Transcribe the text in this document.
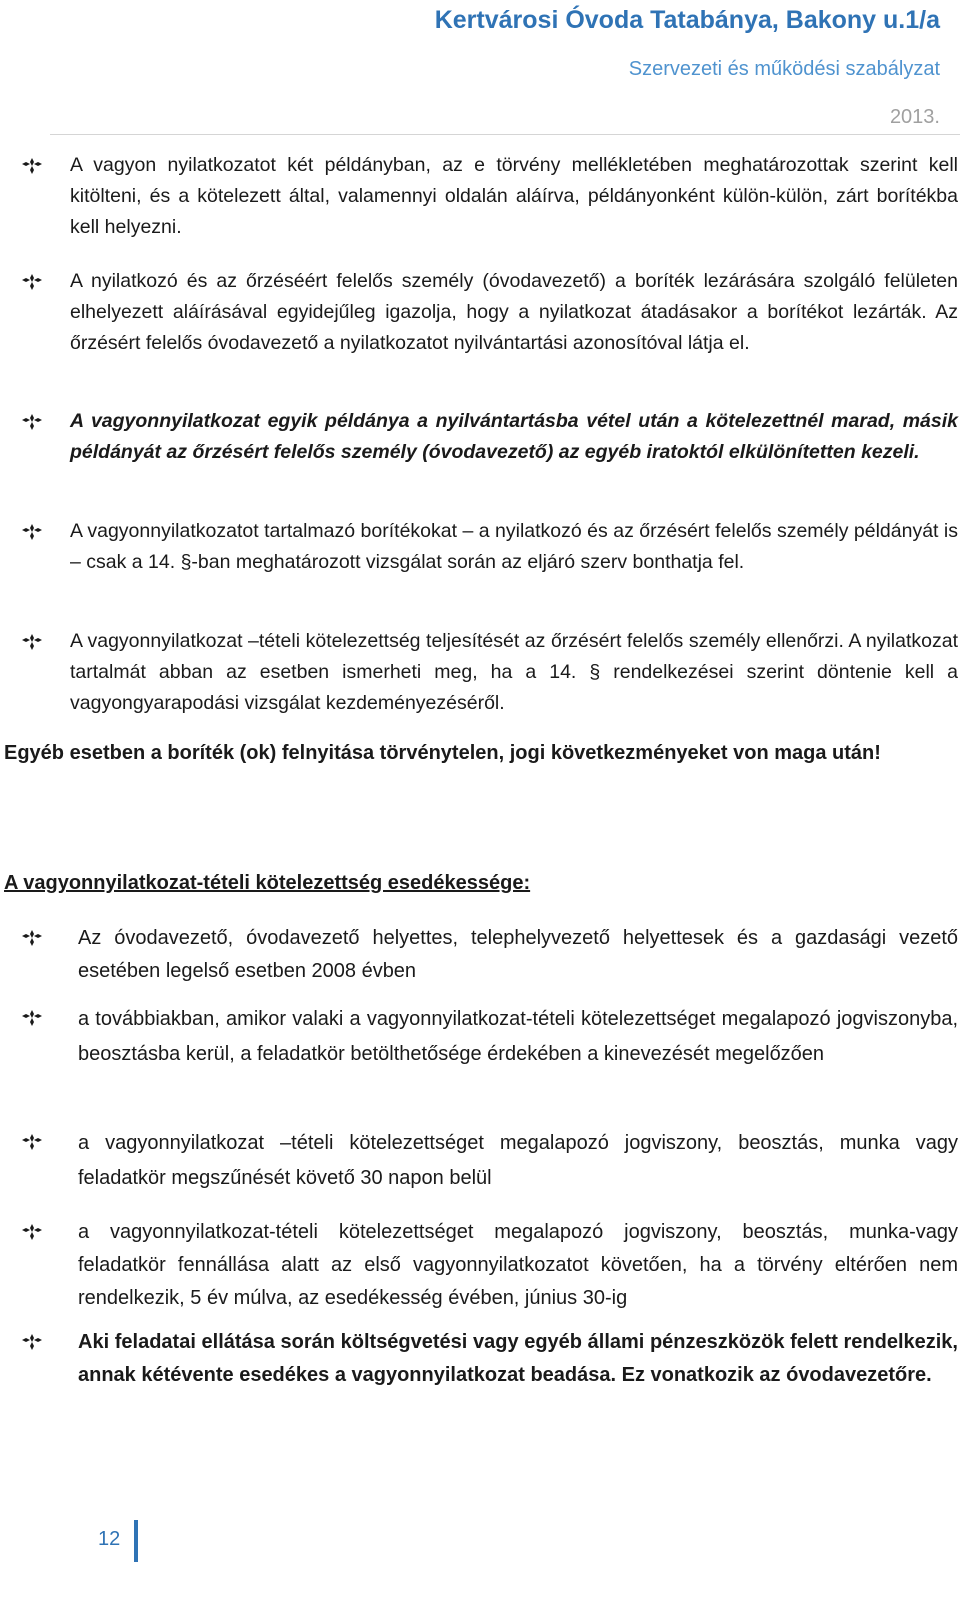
Kertvárosi Óvoda Tatabánya, Bakony u.1/a
Szervezeti és működési szabályzat
2013.
A vagyon nyilatkozatot két példányban, az e törvény mellékletében meghatározottak szerint kell kitölteni, és a kötelezett által, valamennyi oldalán aláírva, példányonként külön-külön, zárt borítékba kell helyezni.
A nyilatkozó és az őrzéséért felelős személy (óvodavezető) a boríték lezárására szolgáló felületen elhelyezett aláírásával egyidejűleg igazolja, hogy a nyilatkozat átadásakor a borítékot lezárták. Az őrzésért felelős óvodavezető a nyilatkozatot nyilvántartási azonosítóval látja el.
A vagyonnyilatkozat egyik példánya a nyilvántartásba vétel után a kötelezettnél marad, másik példányát az őrzésért felelős személy (óvodavezető) az egyéb iratoktól elkülönítetten kezeli.
A vagyonnyilatkozatot tartalmazó borítékokat – a nyilatkozó és az őrzésért felelős személy példányát is – csak a 14. §-ban meghatározott vizsgálat során az eljáró szerv bonthatja fel.
A vagyonnyilatkozat –tételi kötelezettség teljesítését az őrzésért felelős személy ellenőrzi. A nyilatkozat tartalmát abban az esetben ismerheti meg, ha a 14. § rendelkezései szerint döntenie kell a vagyongyarapodási vizsgálat kezdeményezéséről.
Egyéb esetben a boríték (ok) felnyitása törvénytelen, jogi következményeket von maga után!
A vagyonnyilatkozat-tételi kötelezettség esedékessége:
Az óvodavezető, óvodavezető helyettes, telephelyvezető helyettesek és a gazdasági vezető esetében legelső esetben 2008 évben
a továbbiakban, amikor valaki a vagyonnyilatkozat-tételi kötelezettséget megalapozó jogviszonyba, beosztásba kerül, a feladatkör betölthetősége érdekében a kinevezését megelőzően
a vagyonnyilatkozat –tételi kötelezettséget megalapozó jogviszony, beosztás, munka vagy feladatkör megszűnését követő 30 napon belül
a vagyonnyilatkozat-tételi kötelezettséget megalapozó jogviszony, beosztás, munka-vagy feladatkör fennállása alatt az első vagyonnyilatkozatot követően, ha a törvény eltérően nem rendelkezik, 5 év múlva, az esedékesség évében, június 30-ig
Aki feladatai ellátása során költségvetési vagy egyéb állami pénzeszközök felett rendelkezik, annak kétévente esedékes a vagyonnyilatkozat beadása. Ez vonatkozik az óvodavezetőre.
12
